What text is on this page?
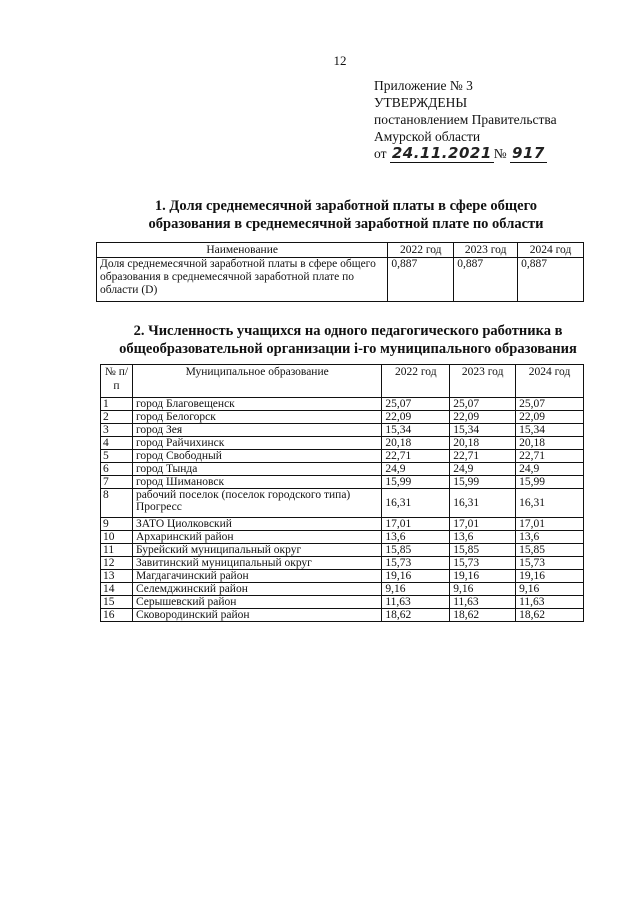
12
Приложение № 3
УТВЕРЖДЕНЫ
постановлением Правительства
Амурской области
от 24.11.2021 № 917
1. Доля среднемесячной заработной платы в сфере общего
образования в среднемесячной заработной плате по области
Наименование	2022 год	2023 год	2024 год
Доля среднемесячной заработной платы в сфере общего образования в среднемесячной заработной плате по области (D)	0,887	0,887	0,887
2. Численность учащихся на одного педагогического работника в
общеобразовательной организации i-го муниципального образования
№ п/п	Муниципальное образование	2022 год	2023 год	2024 год
1	город Благовещенск	25,07	25,07	25,07
2	город Белогорск	22,09	22,09	22,09
3	город Зея	15,34	15,34	15,34
4	город Райчихинск	20,18	20,18	20,18
5	город Свободный	22,71	22,71	22,71
6	город Тында	24,9	24,9	24,9
7	город Шимановск	15,99	15,99	15,99
8	рабочий поселок (поселок городского типа) Прогресс	16,31	16,31	16,31
9	ЗАТО Циолковский	17,01	17,01	17,01
10	Архаринский район	13,6	13,6	13,6
11	Бурейский муниципальный округ	15,85	15,85	15,85
12	Завитинский муниципальный округ	15,73	15,73	15,73
13	Магдагачинский район	19,16	19,16	19,16
14	Селемджинский район	9,16	9,16	9,16
15	Серышевский район	11,63	11,63	11,63
16	Сковородинский район	18,62	18,62	18,62
